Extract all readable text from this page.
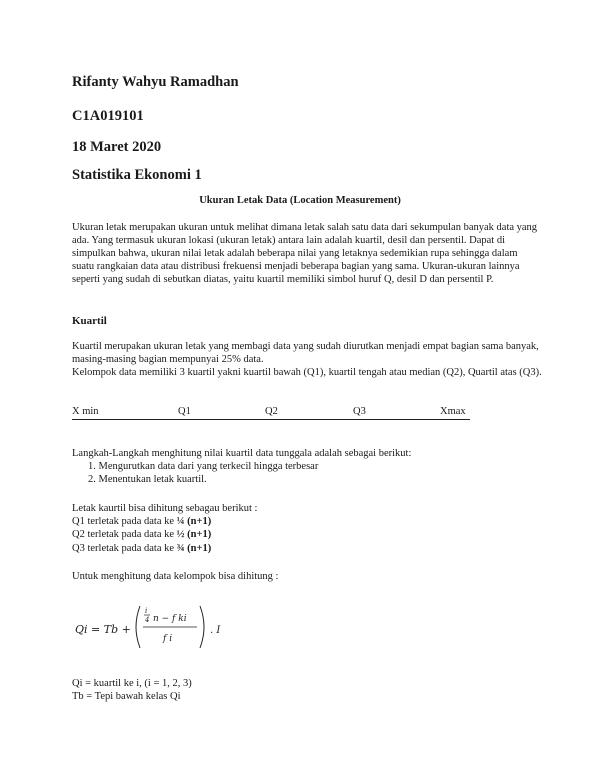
Rifanty Wahyu Ramadhan
C1A019101
18 Maret 2020
Statistika Ekonomi 1
Ukuran Letak Data (Location Measurement)
Ukuran letak merupakan ukuran untuk melihat dimana letak salah satu data dari sekumpulan banyak data yang ada. Yang termasuk ukuran lokasi (ukuran letak) antara lain adalah kuartil, desil dan persentil. Dapat di simpulkan bahwa, ukuran nilai letak adalah beberapa nilai yang letaknya sedemikian rupa sehingga dalam suatu rangkaian data atau distribusi frekuensi menjadi beberapa bagian yang sama. Ukuran-ukuran lainnya seperti yang sudah di sebutkan diatas, yaitu kuartil memiliki simbol huruf Q, desil D dan persentil P.
Kuartil
Kuartil merupakan ukuran letak yang membagi data yang sudah diurutkan menjadi empat bagian sama banyak, masing-masing bagian mempunyai 25% data.
Kelompok data memiliki 3 kuartil yakni kuartil bawah (Q1), kuartil tengah atau median (Q2), Quartil atas (Q3).
X min	Q1	Q2	Q3	Xmax
Langkah-Langkah menghitung nilai kuartil data tunggala adalah sebagai berikut:
1. Mengurutkan data dari yang terkecil hingga terbesar
2. Menentukan letak kuartil.
Letak kaurtil bisa dihitung sebagau berikut :
Q1 terletak pada data ke ¼ (n+1)
Q2 terletak pada data ke ½ (n+1)
Q3 terletak pada data ke ¾ (n+1)
Untuk menghitung data kelompok bisa dihitung :
Qi = Tb +
i
4 n − f ki
f i
. I
Qi = kuartil ke i, (i = 1, 2, 3)
Tb = Tepi bawah kelas Qi
